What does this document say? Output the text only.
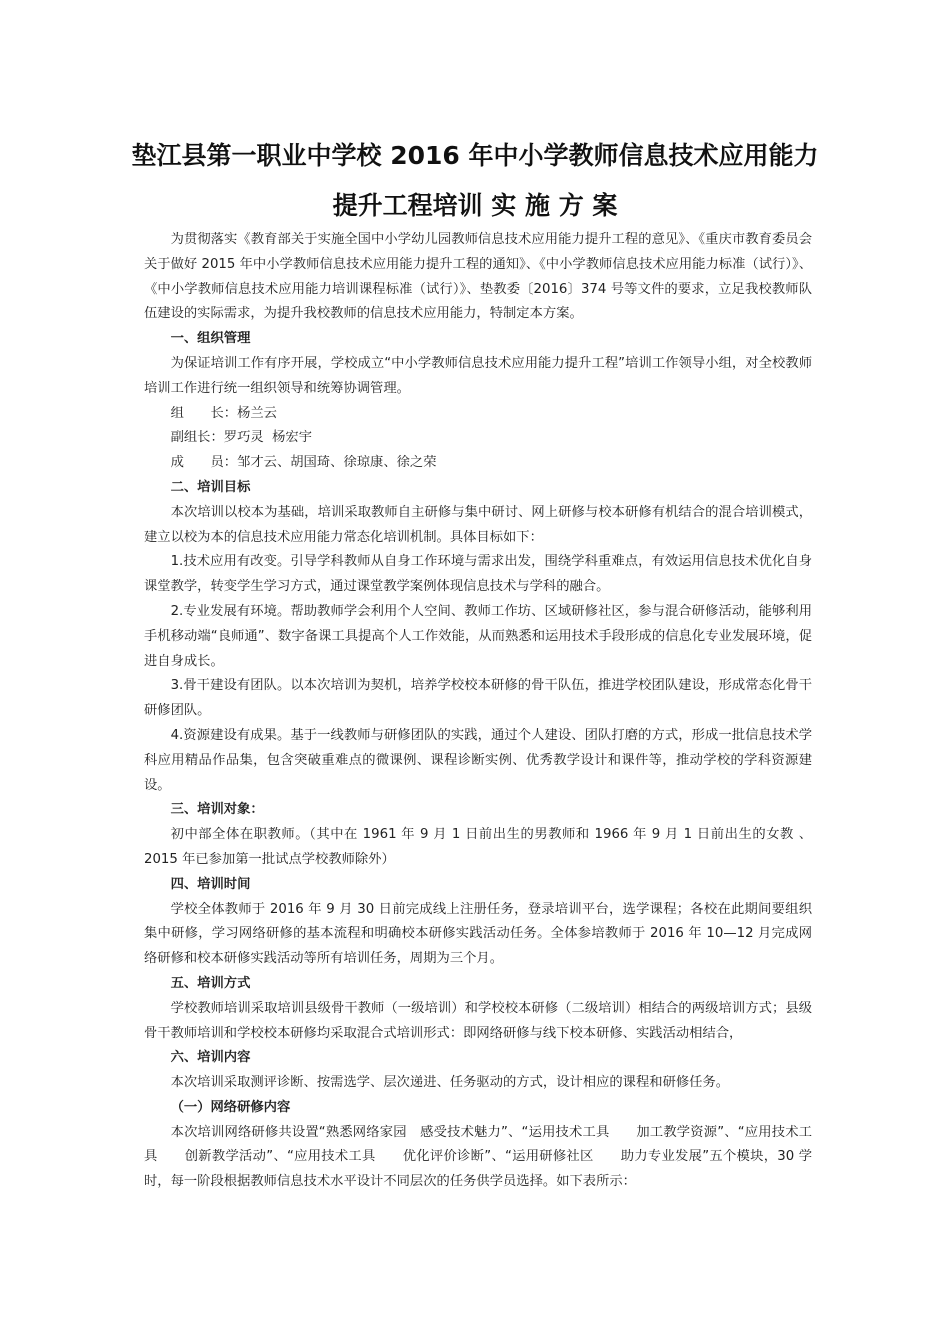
垫江县第一职业中学校 2016 年中小学教师信息技术应用能力
提升工程培训 实 施 方 案

为贯彻落实《教育部关于实施全国中小学幼儿园教师信息技术应用能力提升工程的意见》、《重庆市教育委员会关于做好 2015 年中小学教师信息技术应用能力提升工程的通知》、《中小学教师信息技术应用能力标准（试行）》、《中小学教师信息技术应用能力培训课程标准（试行）》、垫教委〔2016〕374 号等文件的要求，立足我校教师队伍建设的实际需求，为提升我校教师的信息技术应用能力，特制定本方案。

一、组织管理

为保证培训工作有序开展，学校成立“中小学教师信息技术应用能力提升工程”培训工作领导小组，对全校教师培训工作进行统一组织领导和统筹协调管理。

组　　长：杨兰云

副组长：罗巧灵  杨宏宇

成　　员：邹才云、胡国琦、徐琼康、徐之荣

二、培训目标

本次培训以校本为基础，培训采取教师自主研修与集中研讨、网上研修与校本研修有机结合的混合培训模式，建立以校为本的信息技术应用能力常态化培训机制。具体目标如下：

1.技术应用有改变。引导学科教师从自身工作环境与需求出发，围绕学科重难点，有效运用信息技术优化自身课堂教学，转变学生学习方式，通过课堂教学案例体现信息技术与学科的融合。

2.专业发展有环境。帮助教师学会利用个人空间、教师工作坊、区域研修社区，参与混合研修活动，能够利用手机移动端“良师通”、数字备课工具提高个人工作效能，从而熟悉和运用技术手段形成的信息化专业发展环境，促进自身成长。

3.骨干建设有团队。以本次培训为契机，培养学校校本研修的骨干队伍，推进学校团队建设，形成常态化骨干研修团队。

4.资源建设有成果。基于一线教师与研修团队的实践，通过个人建设、团队打磨的方式，形成一批信息技术学科应用精品作品集，包含突破重难点的微课例、课程诊断实例、优秀教学设计和课件等，推动学校的学科资源建设。

三、培训对象：

初中部全体在职教师。（其中在 1961 年 9 月 1 日前出生的男教师和 1966 年 9 月 1 日前出生的女教 、2015 年已参加第一批试点学校教师除外）

四、培训时间

学校全体教师于 2016 年 9 月 30 日前完成线上注册任务，登录培训平台，选学课程；各校在此期间要组织集中研修，学习网络研修的基本流程和明确校本研修实践活动任务。全体参培教师于 2016 年 10—12 月完成网络研修和校本研修实践活动等所有培训任务，周期为三个月。

五、培训方式

学校教师培训采取培训县级骨干教师（一级培训）和学校校本研修（二级培训）相结合的两级培训方式；县级骨干教师培训和学校校本研修均采取混合式培训形式：即网络研修与线下校本研修、实践活动相结合，

六、培训内容

本次培训采取测评诊断、按需选学、层次递进、任务驱动的方式，设计相应的课程和研修任务。

（一）网络研修内容

本次培训网络研修共设置“熟悉网络家园　感受技术魅力”、“运用技术工具　　加工教学资源”、“应用技术工具　　创新教学活动”、“应用技术工具　　优化评价诊断”、“运用研修社区　　助力专业发展”五个模块，30 学时，每一阶段根据教师信息技术水平设计不同层次的任务供学员选择。如下表所示：
